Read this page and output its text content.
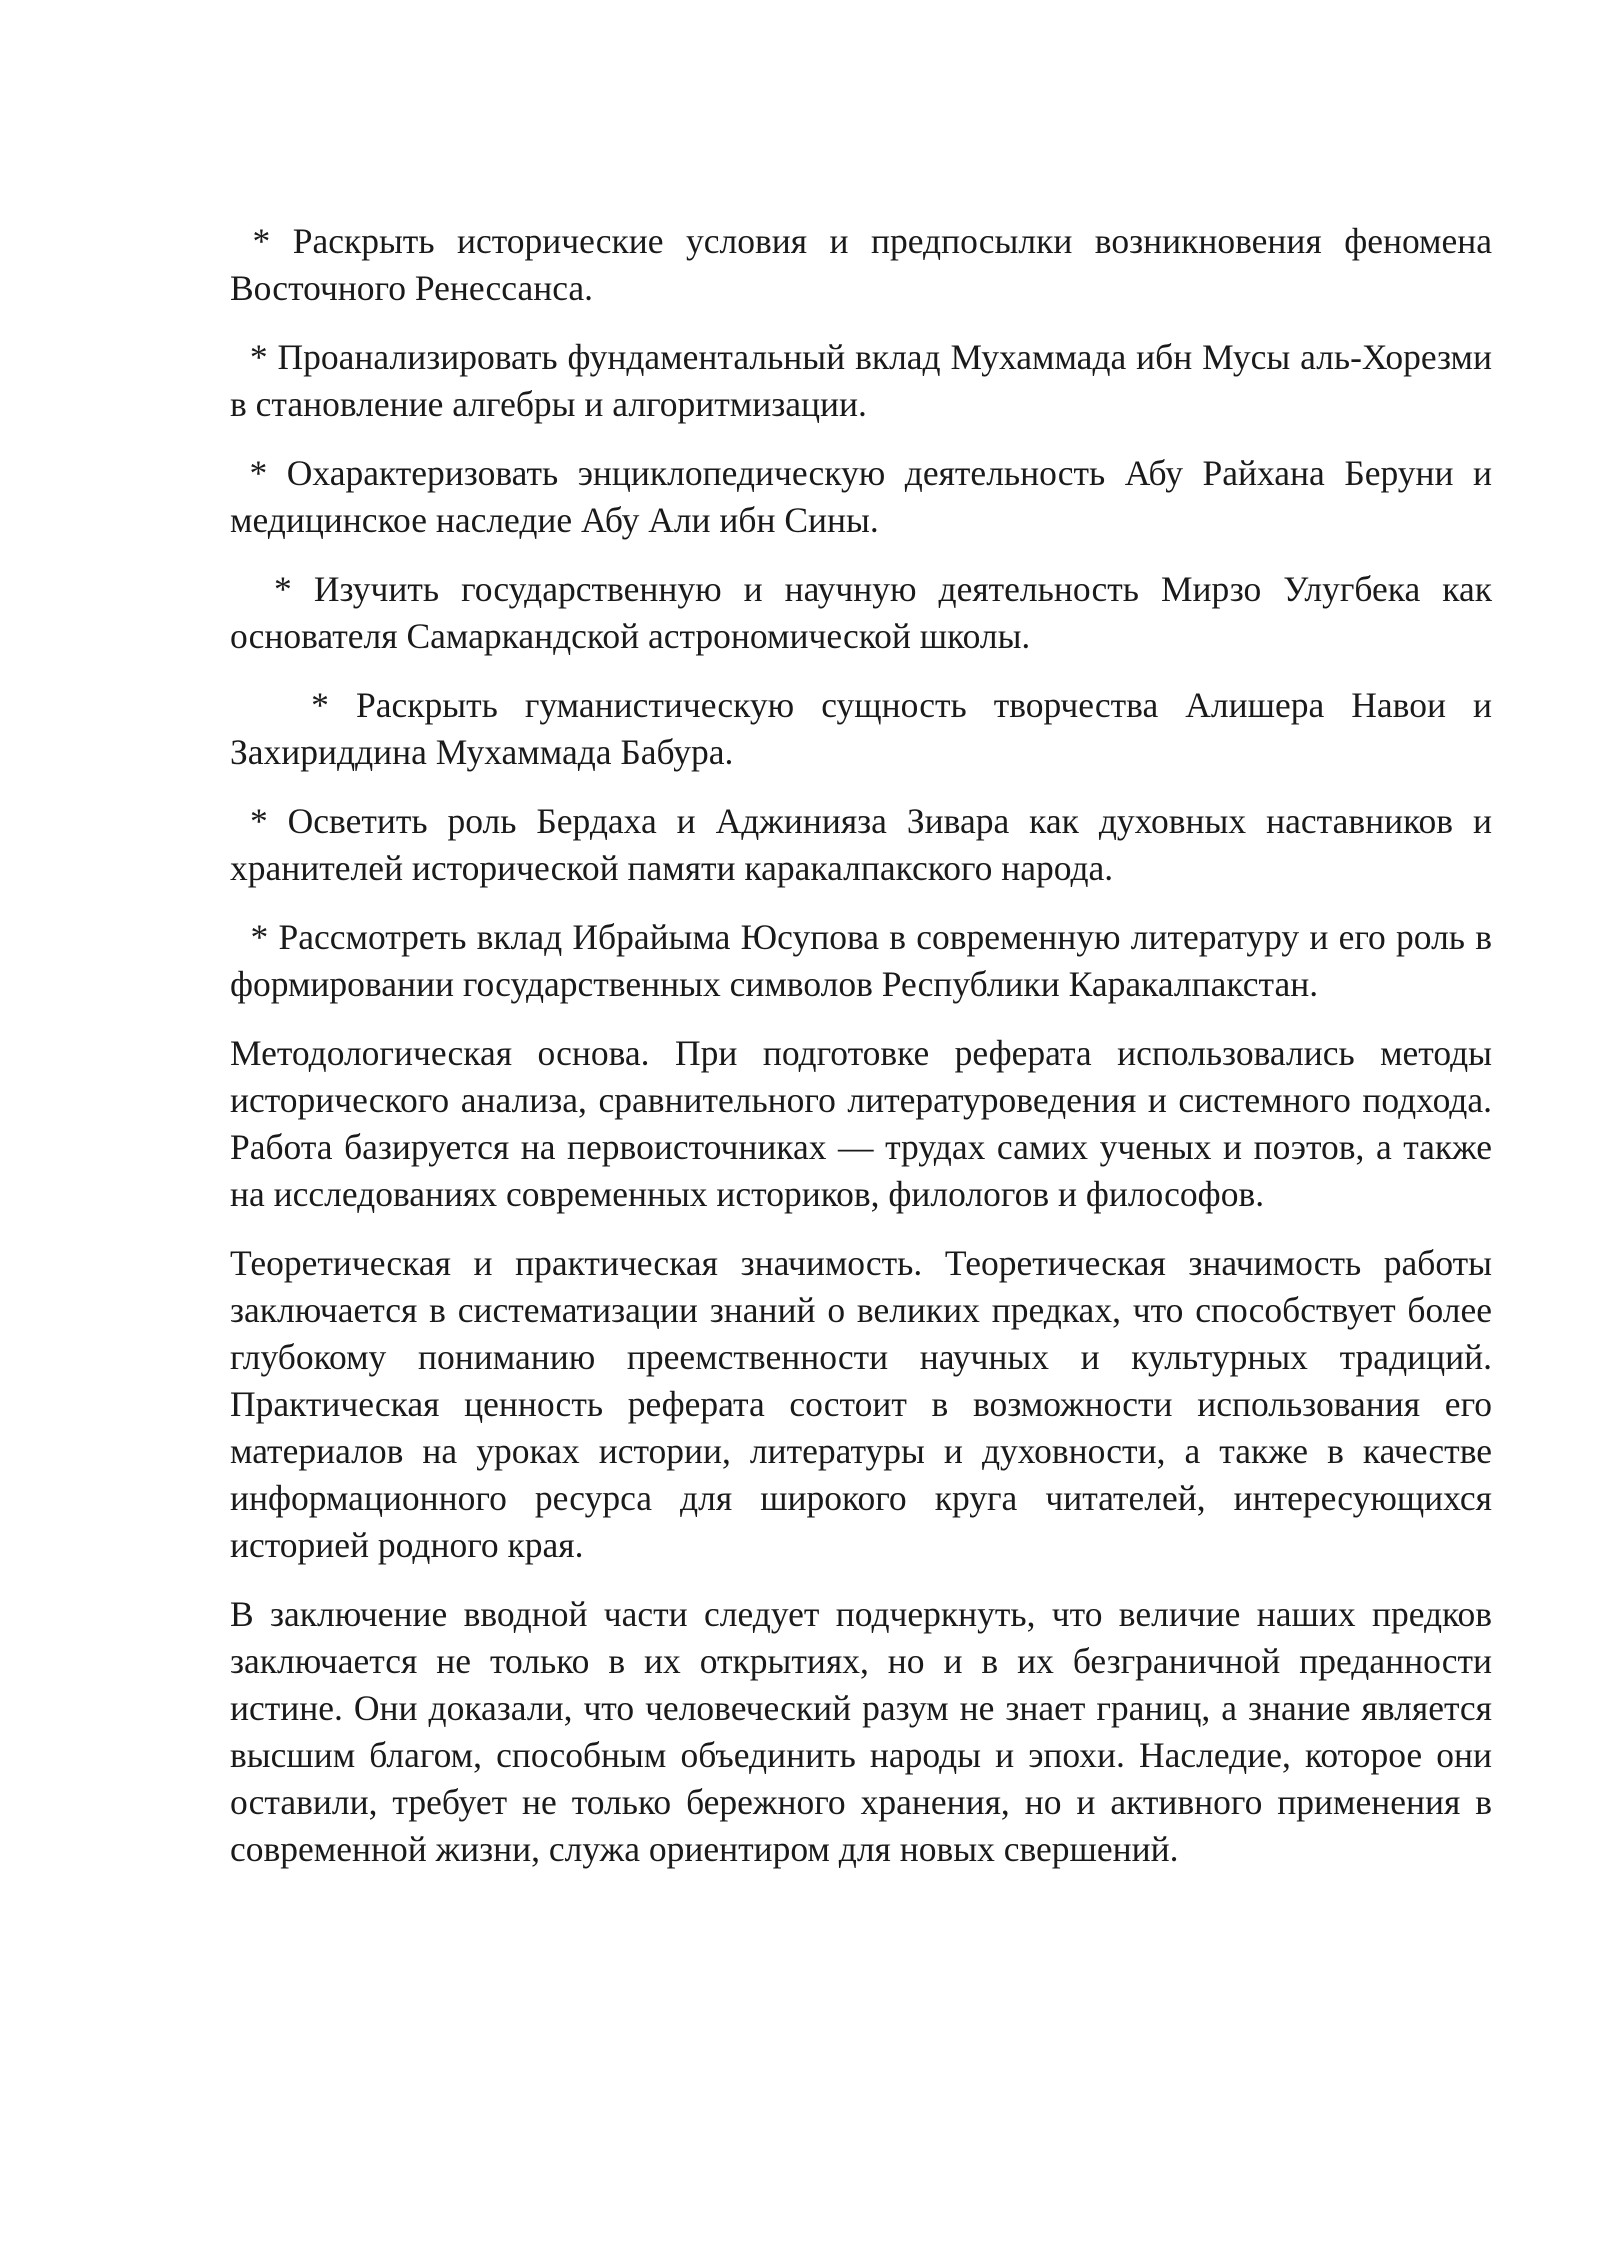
* Раскрыть исторические условия и предпосылки возникновения феномена Восточного Ренессанса.

* Проанализировать фундаментальный вклад Мухаммада ибн Мусы аль-Хорезми в становление алгебры и алгоритмизации.

* Охарактеризовать энциклопедическую деятельность Абу Райхана Беруни и медицинское наследие Абу Али ибн Сины.

* Изучить государственную и научную деятельность Мирзо Улугбека как основателя Самаркандской астрономической школы.

* Раскрыть гуманистическую сущность творчества Алишера Навои и Захириддина Мухаммада Бабура.

* Осветить роль Бердаха и Аджинияза Зивара как духовных наставников и хранителей исторической памяти каракалпакского народа.

* Рассмотреть вклад Ибрайыма Юсупова в современную литературу и его роль в формировании государственных символов Республики Каракалпакстан.

Методологическая основа. При подготовке реферата использовались методы исторического анализа, сравнительного литературоведения и системного подхода. Работа базируется на первоисточниках — трудах самих ученых и поэтов, а также на исследованиях современных историков, филологов и философов.

Теоретическая и практическая значимость. Теоретическая значимость работы заключается в систематизации знаний о великих предках, что способствует более глубокому пониманию преемственности научных и культурных традиций. Практическая ценность реферата состоит в возможности использования его материалов на уроках истории, литературы и духовности, а также в качестве информационного ресурса для широкого круга читателей, интересующихся историей родного края.

В заключение вводной части следует подчеркнуть, что величие наших предков заключается не только в их открытиях, но и в их безграничной преданности истине. Они доказали, что человеческий разум не знает границ, а знание является высшим благом, способным объединить народы и эпохи. Наследие, которое они оставили, требует не только бережного хранения, но и активного применения в современной жизни, служа ориентиром для новых свершений.
